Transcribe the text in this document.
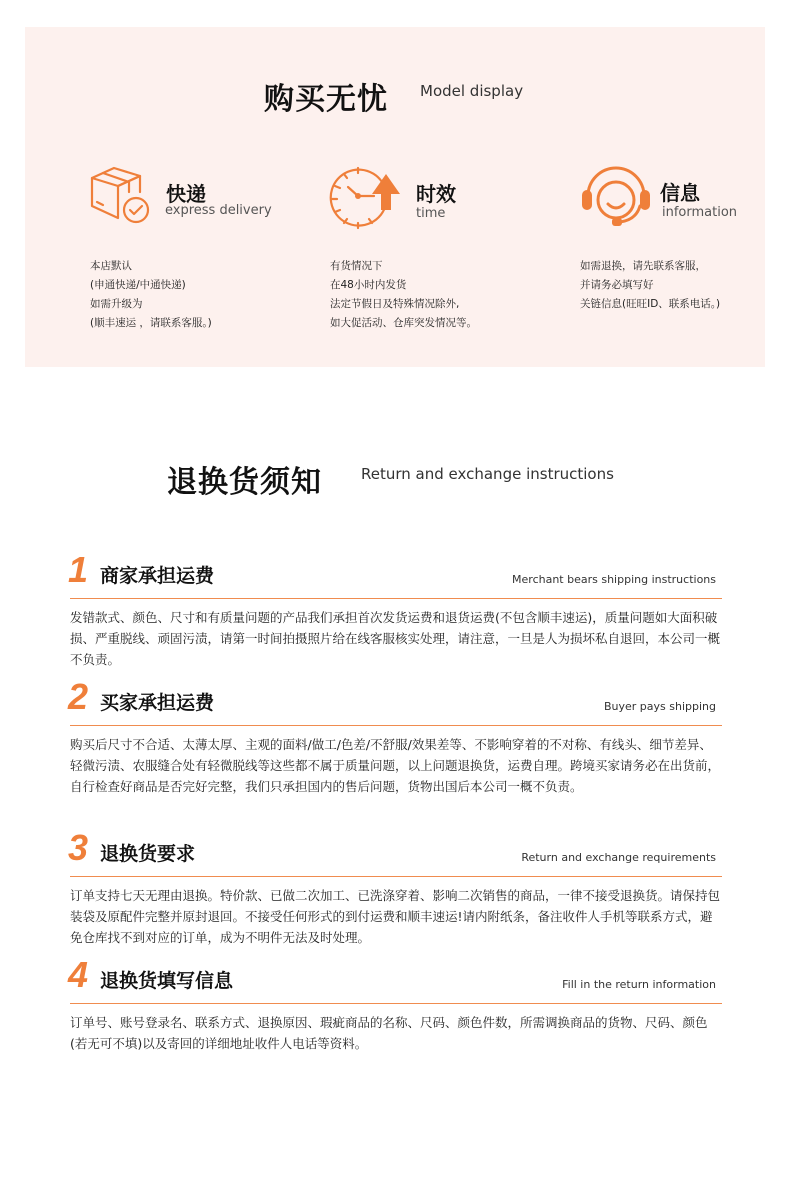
购买无忧 Model display
快递
express delivery
时效
time
信息
information
本店默认
(申通快递/中通快递)
如需升级为
(顺丰速运 ，请联系客服。)
有货情况下
在48小时内发货
法定节假日及特殊情况除外,
如大促活动、仓库突发情况等。
如需退换，请先联系客服，
并请务必填写好
关链信息(旺旺ID、联系电话。)
退换货须知	Return and exchange instructions
1 商家承担运费	Merchant bears shipping instructions
发错款式、颜色、尺寸和有质量问题的产品我们承担首次发货运费和退货运费(不包含顺丰速运)，质量问题如大面积破损、严重脱线、顽固污渍，请第一时间拍摄照片给在线客服核实处理，请注意，一旦是人为损坏私自退回，本公司一概不负责。
2 买家承担运费	Buyer pays shipping
购买后尺寸不合适、太薄太厚、主观的面料/做工/色差/不舒服/效果差等、不影响穿着的不对称、有线头、细节差异、轻微污渍、农服缝合处有轻微脱线等这些都不属于质量问题，以上问题退换货，运费自理。跨境买家请务必在出货前，自行检查好商品是否完好完整，我们只承担国内的售后问题，货物出国后本公司一概不负责。
3 退换货要求	Return and exchange requirements
订单支持七天无理由退换。特价款、已做二次加工、已洗涤穿着、影响二次销售的商品，一律不接受退换货。请保持包装袋及原配件完整并原封退回。不接受任何形式的到付运费和顺丰速运!请内附纸条，备注收件人手机等联系方式，避免仓库找不到对应的订单，成为不明件无法及时处理。
4 退换货填写信息	Fill in the return information
订单号、账号登录名、联系方式、退换原因、瑕疵商品的名称、尺码、颜色件数，所需调换商品的货物、尺码、颜色(若无可不填)以及寄回的详细地址收件人电话等资料。
